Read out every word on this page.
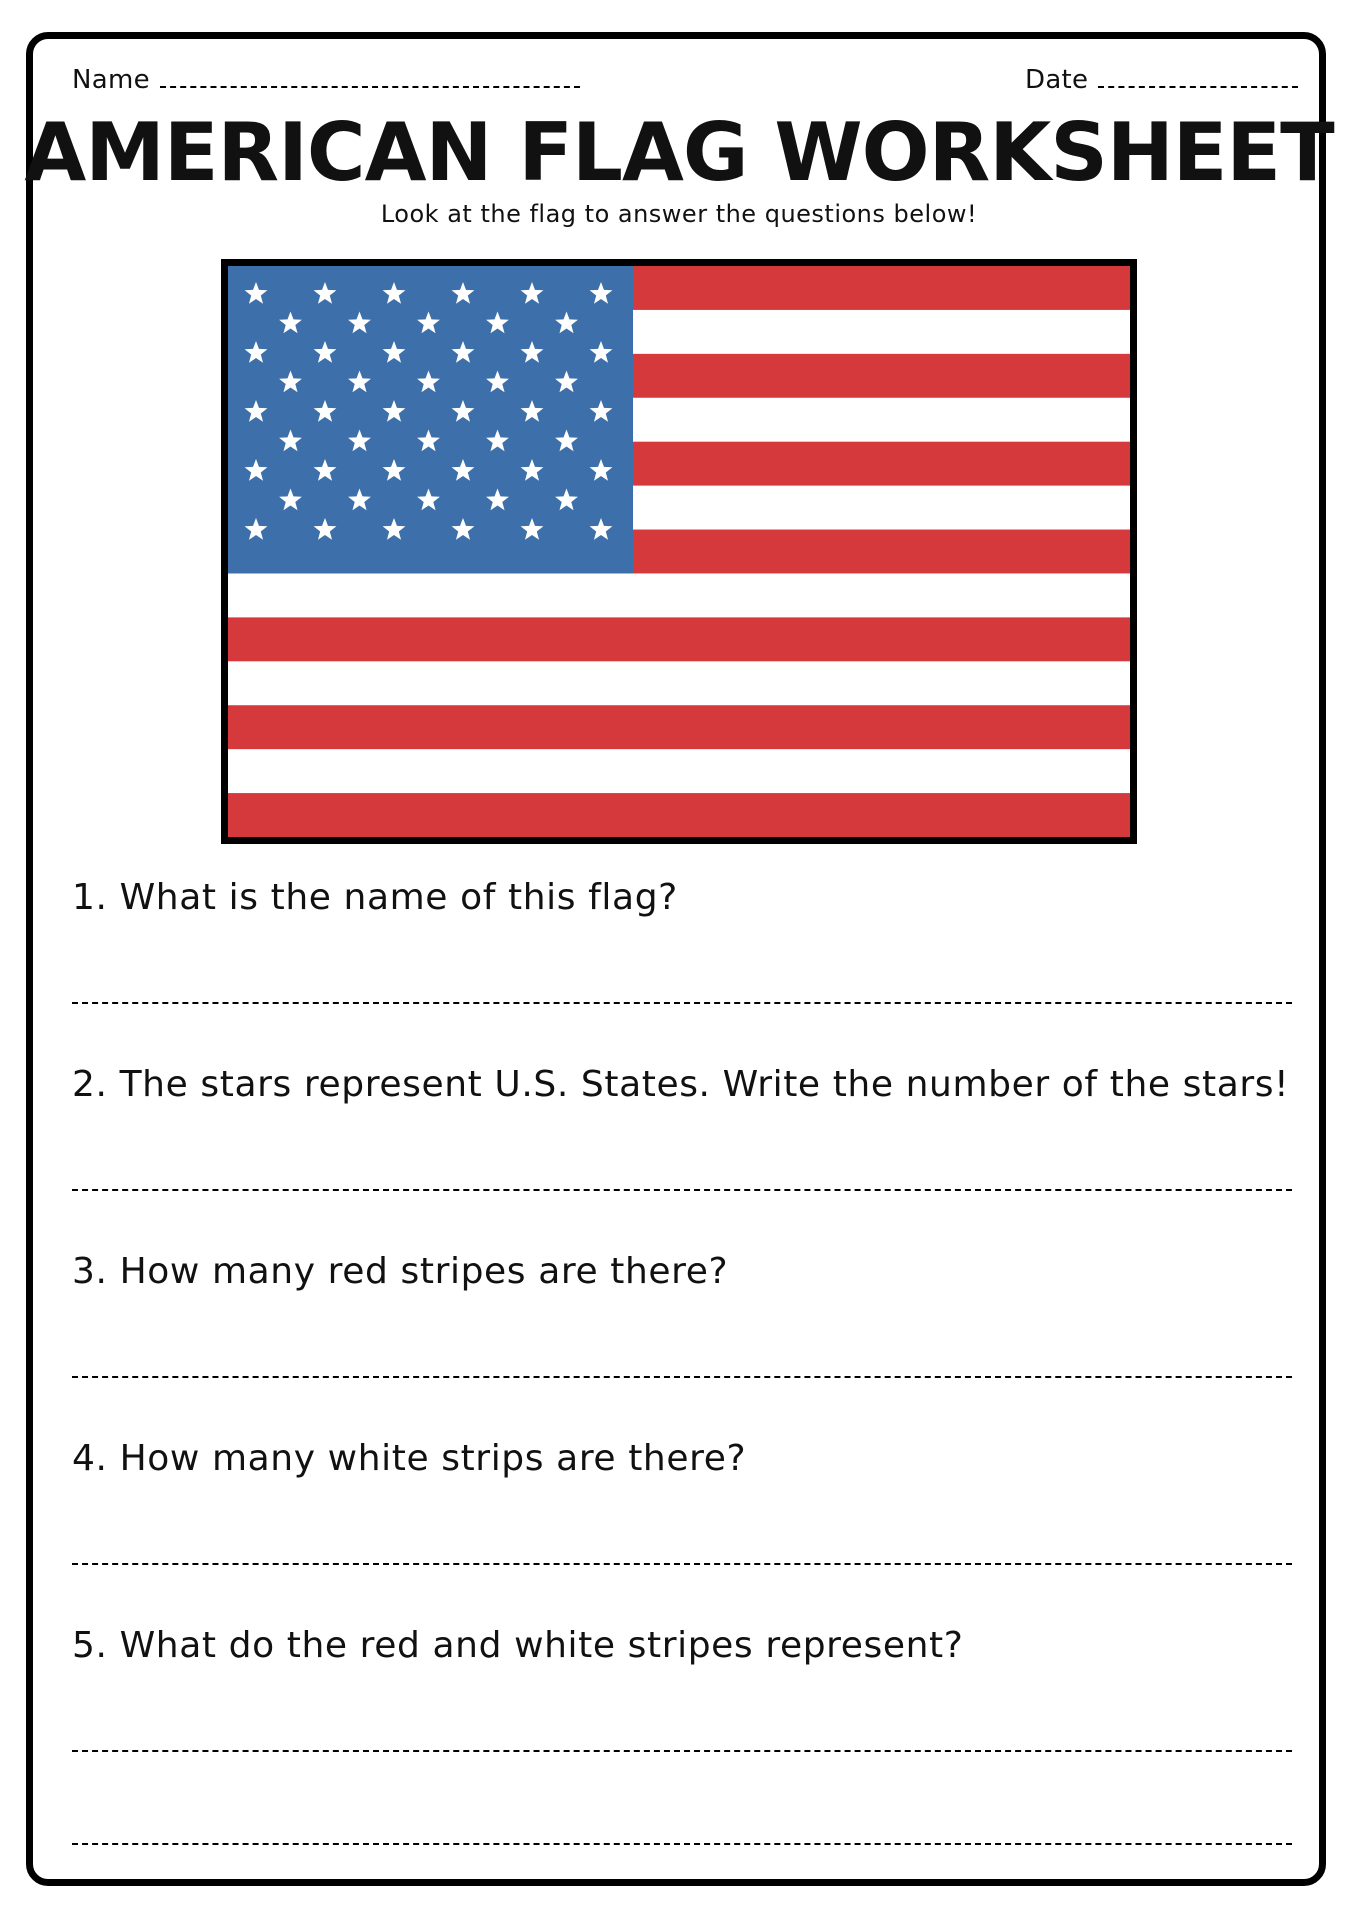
Name	Date
AMERICAN FLAG WORKSHEET
Look at the flag to answer the questions below!
1. What is the name of this flag?
2. The stars represent U.S. States. Write the number of the stars!
3. How many red stripes are there?
4. How many white strips are there?
5. What do the red and white stripes represent?
